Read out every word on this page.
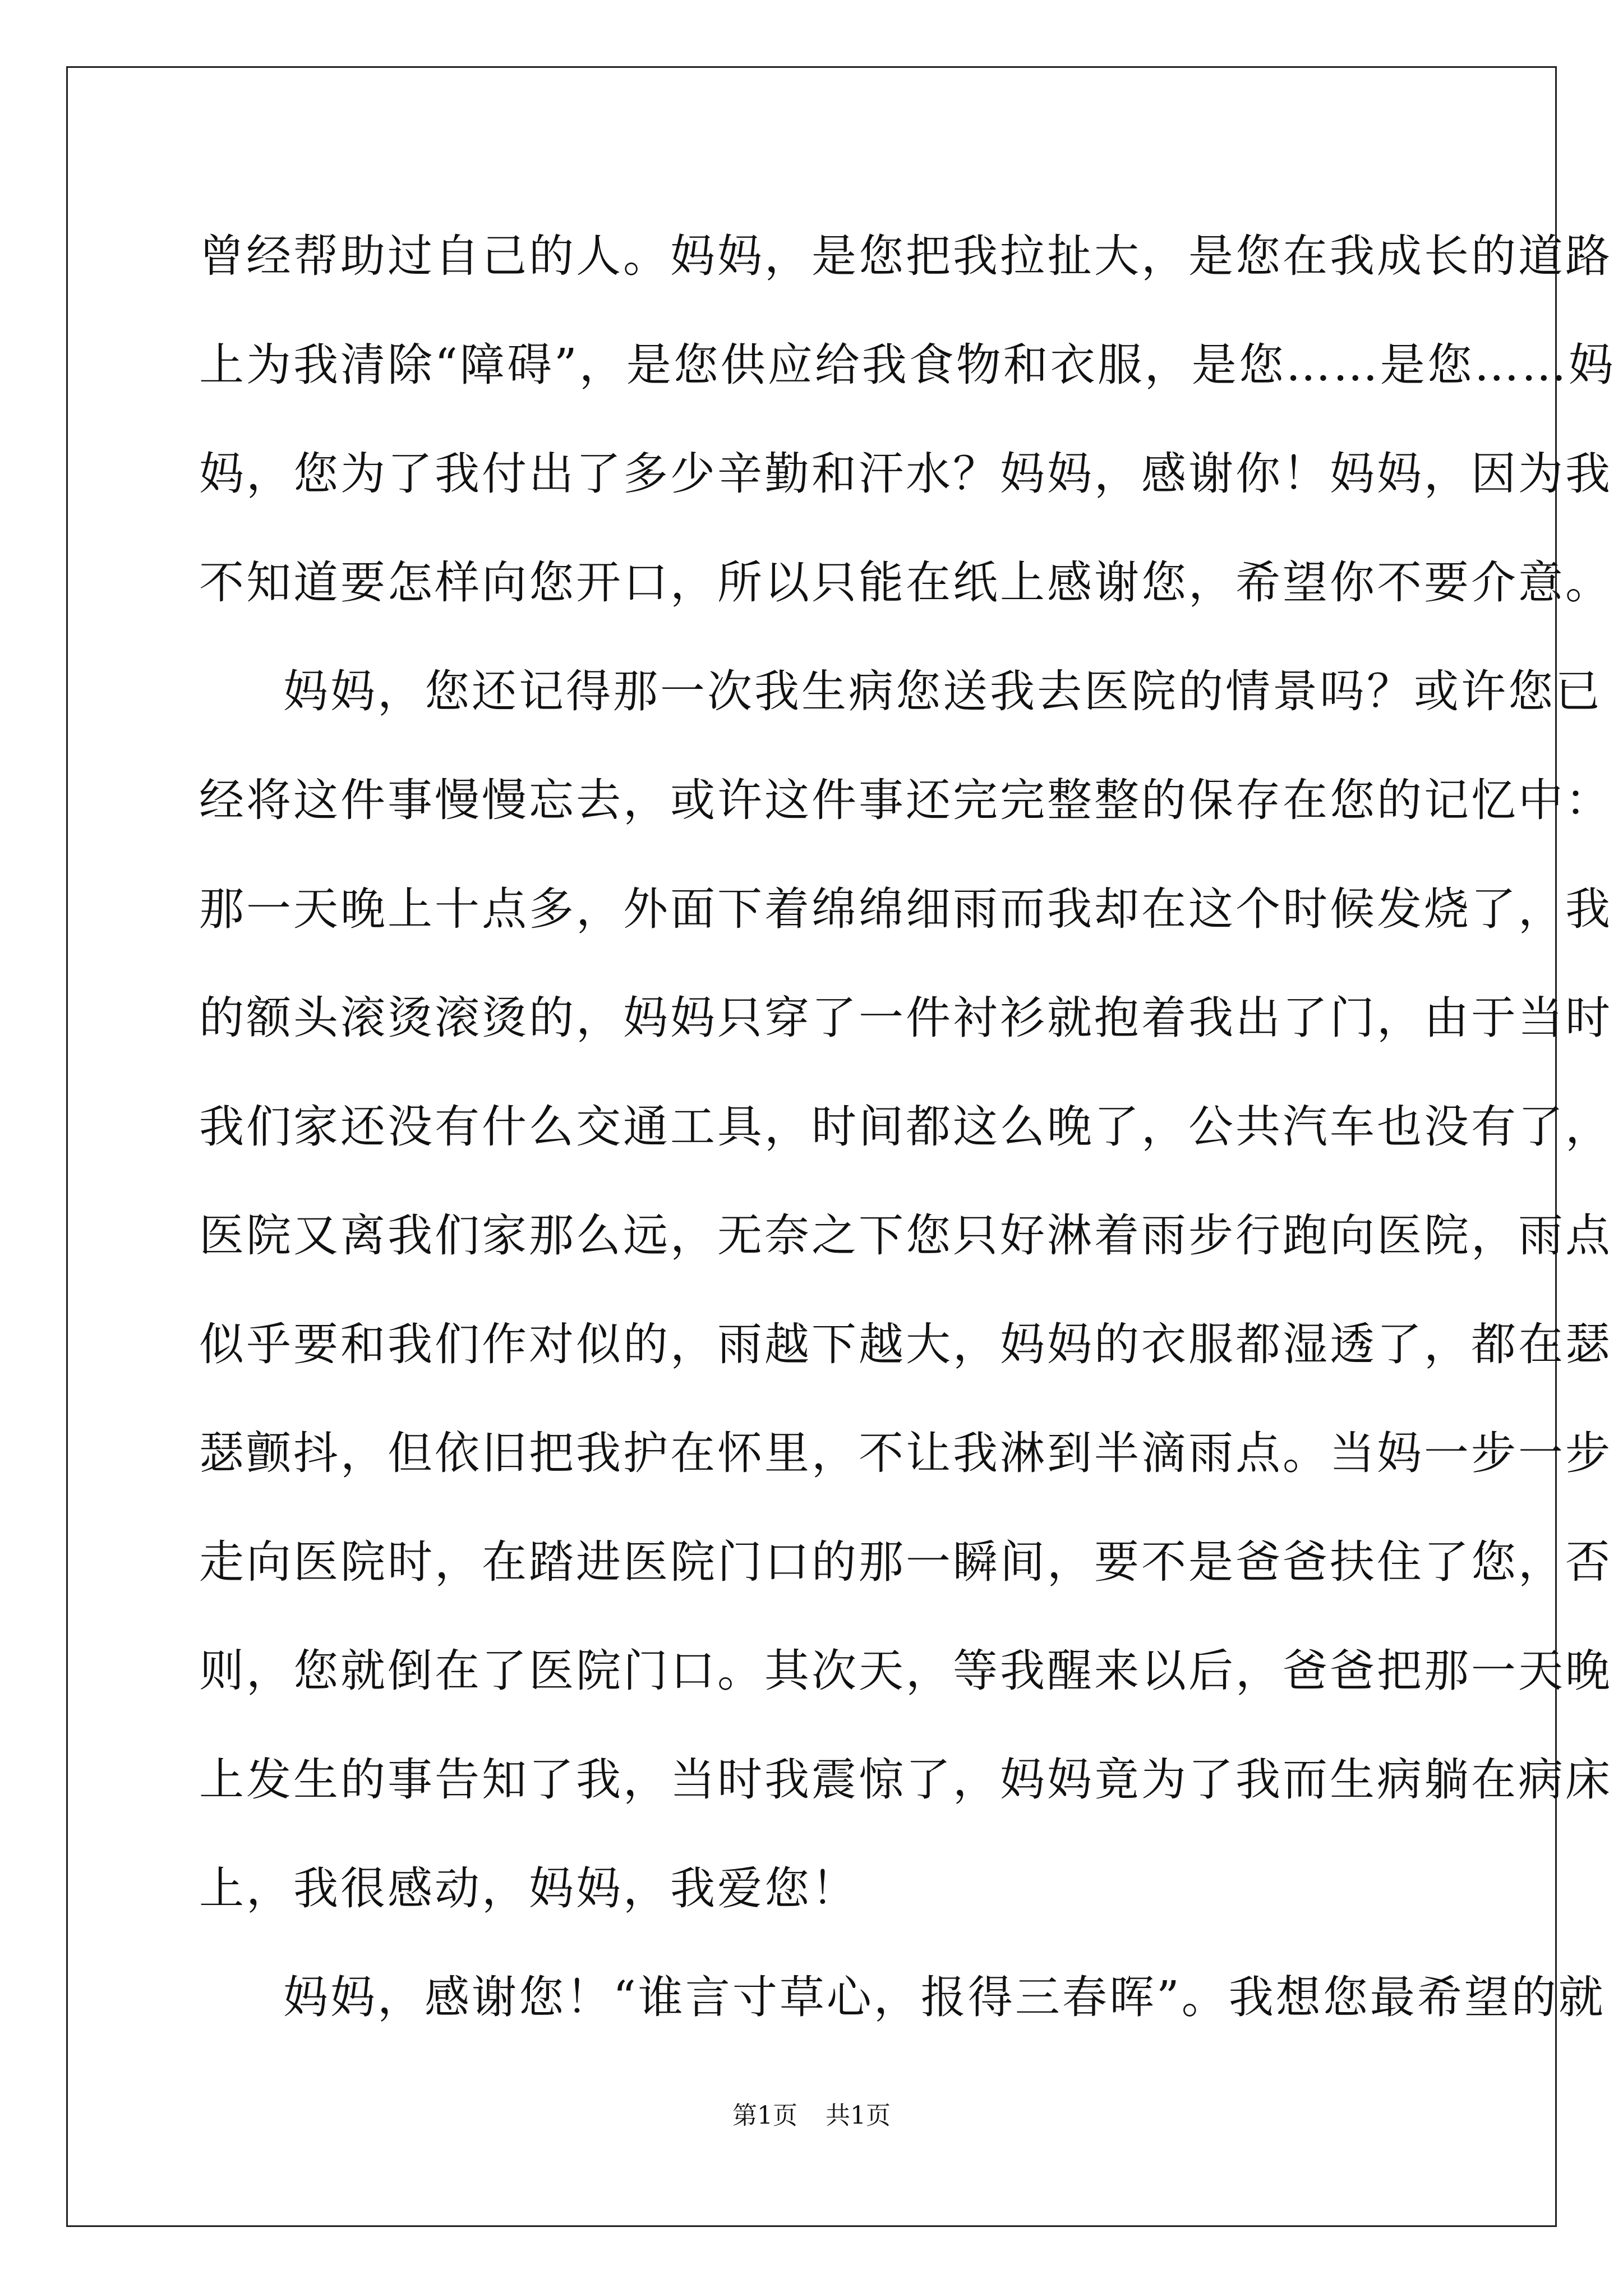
曾经帮助过自己的人。妈妈，是您把我拉扯大，是您在我成长的道路
上为我清除“障碍”，是您供应给我食物和衣服，是您……是您……妈
妈，您为了我付出了多少辛勤和汗水？妈妈，感谢你！妈妈，因为我
不知道要怎样向您开口，所以只能在纸上感谢您，希望你不要介意。
妈妈，您还记得那一次我生病您送我去医院的情景吗？或许您已
经将这件事慢慢忘去，或许这件事还完完整整的保存在您的记忆中：
那一天晚上十点多，外面下着绵绵细雨而我却在这个时候发烧了，我
的额头滚烫滚烫的，妈妈只穿了一件衬衫就抱着我出了门，由于当时
我们家还没有什么交通工具，时间都这么晚了，公共汽车也没有了，
医院又离我们家那么远，无奈之下您只好淋着雨步行跑向医院，雨点
似乎要和我们作对似的，雨越下越大，妈妈的衣服都湿透了，都在瑟
瑟颤抖，但依旧把我护在怀里，不让我淋到半滴雨点。当妈一步一步
走向医院时，在踏进医院门口的那一瞬间，要不是爸爸扶住了您，否
则，您就倒在了医院门口。其次天，等我醒来以后，爸爸把那一天晚
上发生的事告知了我，当时我震惊了，妈妈竟为了我而生病躺在病床
上，我很感动，妈妈，我爱您！
妈妈，感谢您！“谁言寸草心，报得三春晖”。我想您最希望的就
第1页 共1页
